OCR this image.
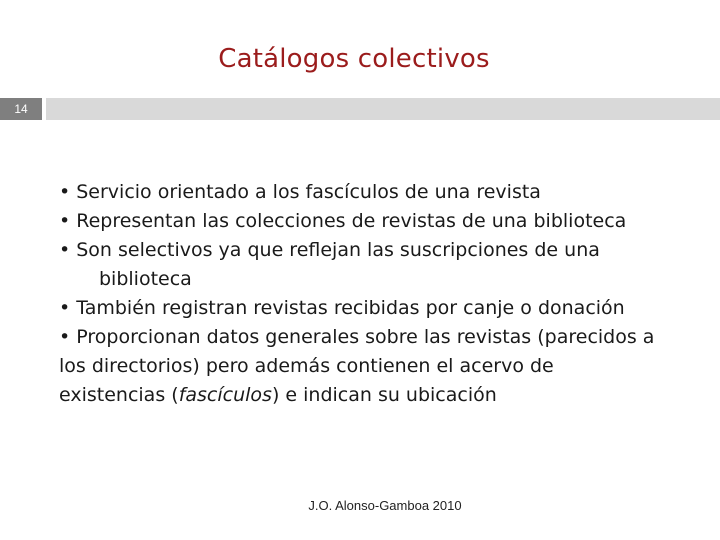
Catálogos colectivos
14

• Servicio orientado a los fascículos de una revista

• Representan las colecciones de revistas de una biblioteca

• Son selectivos ya que reflejan las suscripciones de una

biblioteca

• También registran revistas recibidas por canje o donación

• Proporcionan datos generales sobre las revistas (parecidos a

los directorios) pero además contienen el acervo de

existencias (fascículos) e indican su ubicación

J.O. Alonso-Gamboa 2010
